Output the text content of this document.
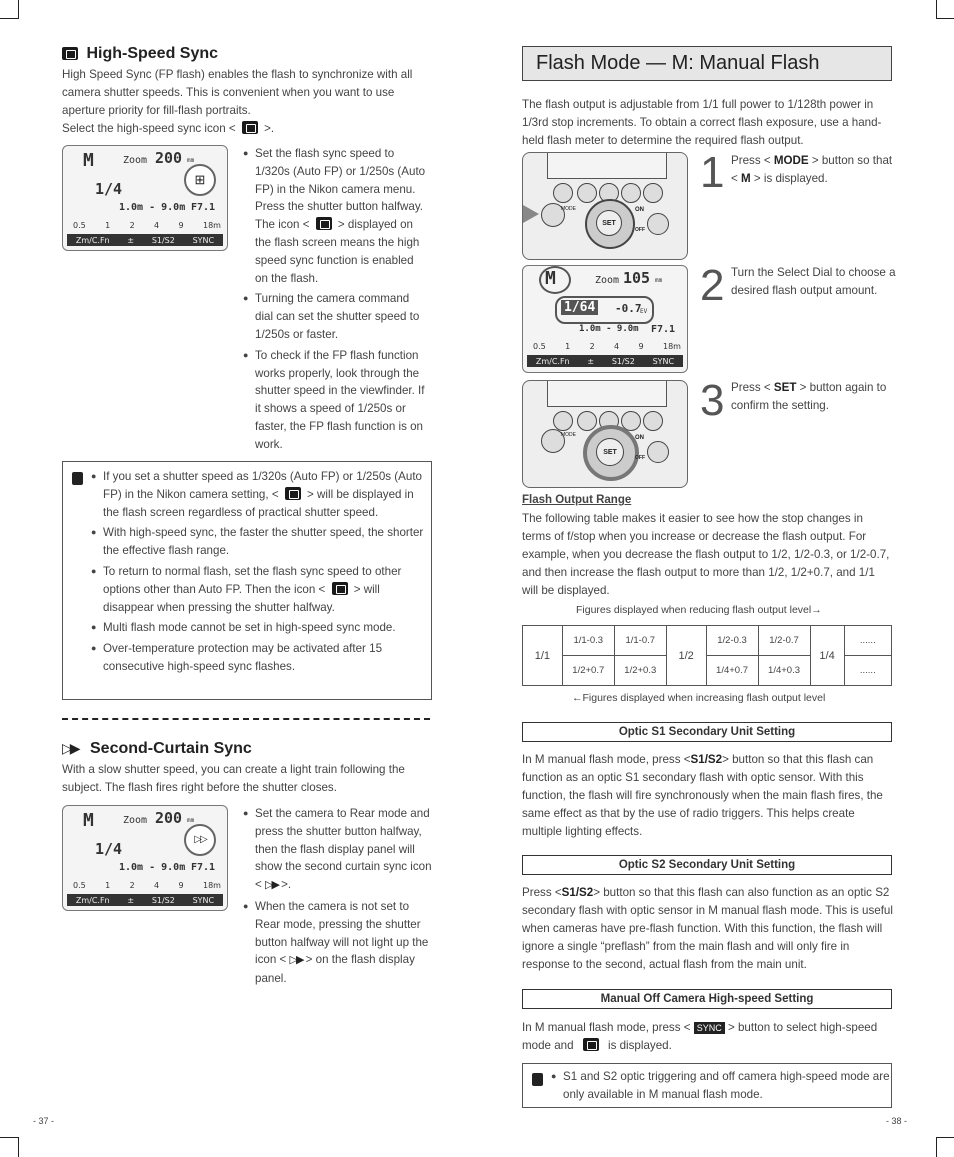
High-Speed Sync

High Speed Sync (FP flash) enables the flash to synchronize with all camera shutter speeds. This is convenient when you want to use aperture priority for fill-flash portraits.

Select the high-speed sync icon <  >.

M	Zoom 200 mm
⊞
1/4
1.0m - 9.0m F7.1
0.5 1 2 4 9 18m
Zm/C.Fn ± S1/S2 SYNC
● Set the flash sync speed to 1/320s (Auto FP) or 1/250s (Auto FP) in the Nikon camera menu. Press the shutter button halfway. The icon <  > displayed on the flash screen means the high speed sync function is enabled on the flash.
● Turning the camera command dial can set the shutter speed to 1/250s or faster.
● To check if the FP flash function works properly, look through the shutter speed in the viewfinder. If it shows a speed of 1/250s or faster, the FP flash function is on work.
● If you set a shutter speed as 1/320s (Auto FP) or 1/250s (Auto FP) in the Nikon camera setting, <  > will be displayed in the flash screen regardless of practical shutter speed.
● With high-speed sync, the faster the shutter speed, the shorter the effective flash range.
● To return to normal flash, set the flash sync speed to other options other than Auto FP. Then the icon <  > will disappear when pressing the shutter halfway.
● Multi flash mode cannot be set in high-speed sync mode.
● Over-temperature protection may be activated after 15 consecutive high-speed sync flashes.
▷▶ Second-Curtain Sync

With a slow shutter speed, you can create a light train following the subject. The flash fires right before the shutter closes.

M	Zoom 200 mm
▷▷
1/4
1.0m - 9.0m F7.1
0.5 1 2 4 9 18m
Zm/C.Fn ± S1/S2 SYNC
● Set the camera to Rear mode and press the shutter button halfway, then the flash display panel will show the second curtain sync icon < ▷▶ >.
● When the camera is not set to Rear mode, pressing the shutter button halfway will not light up the icon < ▷▶ > on the flash display panel.
- 37 -
Flash Mode — M: Manual Flash

The flash output is adjustable from 1/1 full power to 1/128th power in 1/3rd stop increments. To obtain a correct flash exposure, use a hand-held flash meter to determine the required flash output.

MODE
SET
ON
OFF
1 Press < MODE > button so that < M > is displayed.
M	Zoom 105 mm
1/64 -0.7
EV
1.0m - 9.0m F7.1
0.5 1 2 4 9 18m
Zm/C.Fn ± S1/S2 SYNC
2 Turn the Select Dial to choose a desired flash output amount.
MODE
SET
ON
OFF
3 Press < SET > button again to confirm the setting.
Flash Output Range

The following table makes it easier to see how the stop changes in terms of f/stop when you increase or decrease the flash output. For example, when you decrease the flash output to 1/2, 1/2-0.3, or 1/2-0.7, and then increase the flash output to more than 1/2, 1/2+0.7, and 1/1 will be displayed.

Figures displayed when reducing flash output level→
1/1	1/1-0.3	1/1-0.7	1/2	1/2-0.3	1/2-0.7	1/4	......
	1/2+0.7	1/2+0.3		1/4+0.7	1/4+0.3		......
←Figures displayed when increasing flash output level
Optic S1 Secondary Unit Setting

In M manual flash mode, press <S1/S2> button so that this flash can function as an optic S1 secondary flash with optic sensor. With this function, the flash will fire synchronously when the main flash fires, the same effect as that by the use of radio triggers. This helps create multiple lighting effects.

Optic S2 Secondary Unit Setting

Press <S1/S2> button so that this flash can also function as an optic S2 secondary flash with optic sensor in M manual flash mode. This is useful when cameras have pre-flash function. With this function, the flash will ignore a single “preflash” from the main flash and will only fire in response to the second, actual flash from the main unit.

Manual Off Camera High-speed Setting

In M manual flash mode, press < SYNC > button to select high-speed mode and  is displayed.

● S1 and S2 optic triggering and off camera high-speed mode are only available in M manual flash mode.
- 38 -
